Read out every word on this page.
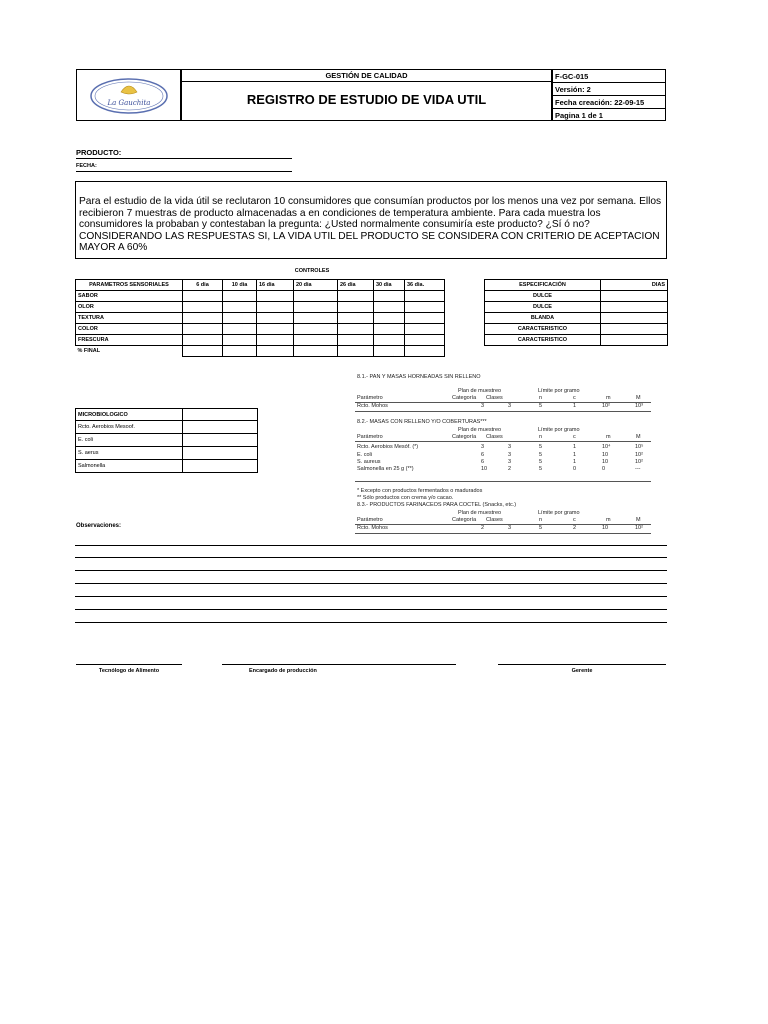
La Gauchita
GESTIÓN DE CALIDAD
REGISTRO DE ESTUDIO DE VIDA UTIL
F-GC-015
Versión: 2
Fecha creación: 22-09-15
Pagina 1 de 1
PRODUCTO:
FECHA:
Para el estudio de la vida útil se reclutaron 10 consumidores que consumían productos por los menos una vez por semana. Ellos recibieron 7 muestras de producto almacenadas a en condiciones de temperatura ambiente. Para cada muestra los consumidores la probaban y contestaban la pregunta: ¿Usted normalmente consumiría este producto? ¿Sí ó no? CONSIDERANDO LAS RESPUESTAS SI, LA VIDA UTIL DEL PRODUCTO SE CONSIDERA CON CRITERIO DE ACEPTACION MAYOR A 60%
CONTROLES
PARAMETROS SENSORIALES	6 dia	10 dia	16 dia	20 dia	26 dia	30 dia	36 dia.
SABOR							
OLOR							
TEXTURA							
COLOR							
FRESCURA							
% FINAL							
ESPECIFICACIÓN	DIAS
DULCE	
DULCE	
BLANDA	
CARACTERISTICO	
CARACTERISTICO	
MICROBIOLOGICO	
Rcto. Aerobios Mesoof.	
E. coli	
S. aerus	
Salmonella	
8.1.- PAN Y MASAS HORNEADAS SIN RELLENO
Plan de muestreo	Límite por gramo
Parámetro	Categoría Clases	n	c	m	M
Rcto. Mohos	3	3	5	1	10²	10³
8.2.- MASAS CON RELLENO Y/O COBERTURAS***
Plan de muestreo	Límite por gramo
Parámetro	Categoría Clases	n	c	m	M
Rcto. Aerobios Mesóf. (*)	3	3	5	1	10⁴	10⁵
E. coli	6	3	5	1	10	10²
S. aureus	6	3	5	1	10	10²
Salmonella en 25 g (**)	10	2	5	0	0	---
* Excepto con productos fermentados o madurados
** Sólo productos con crema y/o cacao.
8.3.- PRODUCTOS FARINACEOS PARA COCTEL (Snacks, etc.)
Plan de muestreo	Límite por gramo
Parámetro	Categoría Clases	n	c	m	M
Rcto. Mohos	2	3	5	2	10	10²
Observaciones:
Tecnólogo de Alimento	Encargado de producción	Gerente
